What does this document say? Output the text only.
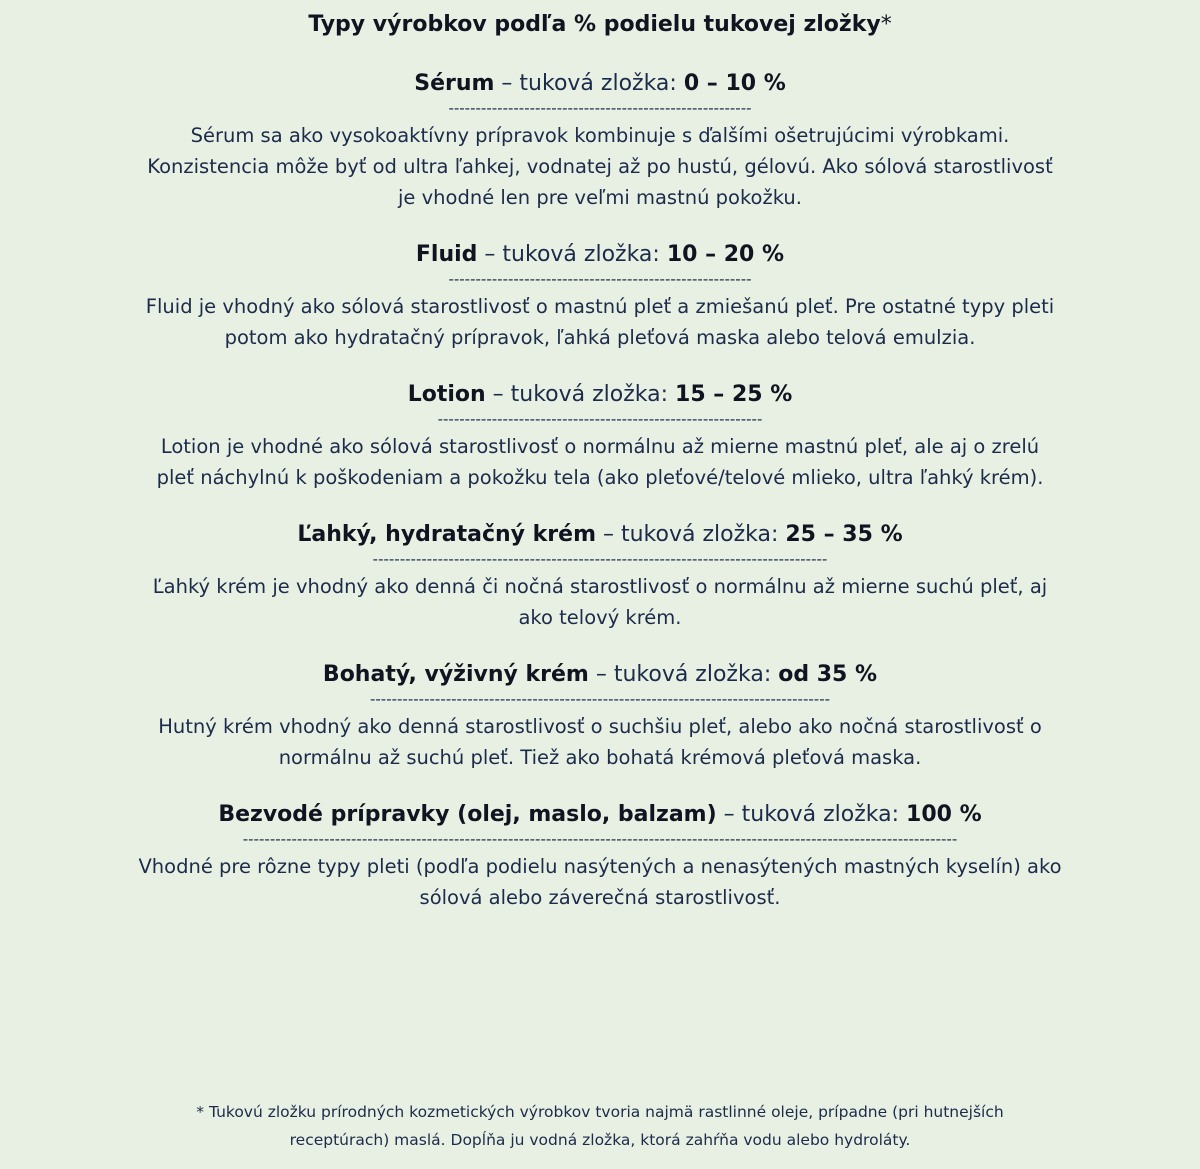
Typy výrobkov podľa % podielu tukovej zložky*

Sérum – tuková zložka: 0 – 10 %

--------------------------------------------------------

Sérum sa ako vysokoaktívny prípravok kombinuje s ďalšími ošetrujúcimi výrobkami.
Konzistencia môže byť od ultra ľahkej, vodnatej až po hustú, gélovú. Ako sólová starostlivosť
je vhodné len pre veľmi mastnú pokožku.

Fluid – tuková zložka: 10 – 20 %

--------------------------------------------------------

Fluid je vhodný ako sólová starostlivosť o mastnú pleť a zmiešanú pleť. Pre ostatné typy pleti
potom ako hydratačný prípravok, ľahká pleťová maska alebo telová emulzia.

Lotion – tuková zložka: 15 – 25 %

------------------------------------------------------------

Lotion je vhodné ako sólová starostlivosť o normálnu až mierne mastnú pleť, ale aj o zrelú
pleť náchylnú k poškodeniam a pokožku tela (ako pleťové/telové mlieko, ultra ľahký krém).

Ľahký, hydratačný krém – tuková zložka: 25 – 35 %

------------------------------------------------------------------------------------

Ľahký krém je vhodný ako denná či nočná starostlivosť o normálnu až mierne suchú pleť, aj
ako telový krém.

Bohatý, výživný krém – tuková zložka: od 35 %

-------------------------------------------------------------------------------------

Hutný krém vhodný ako denná starostlivosť o suchšiu pleť, alebo ako nočná starostlivosť o
normálnu až suchú pleť. Tiež ako bohatá krémová pleťová maska.

Bezvodé prípravky (olej, maslo, balzam) – tuková zložka: 100 %

------------------------------------------------------------------------------------------------------------------------------------

Vhodné pre rôzne typy pleti (podľa podielu nasýtených a nenasýtených mastných kyselín) ako
sólová alebo záverečná starostlivosť.

* Tukovú zložku prírodných kozmetických výrobkov tvoria najmä rastlinné oleje, prípadne (pri hutnejších
receptúrach) maslá. Dopĺňa ju vodná zložka, ktorá zahŕňa vodu alebo hydroláty.
